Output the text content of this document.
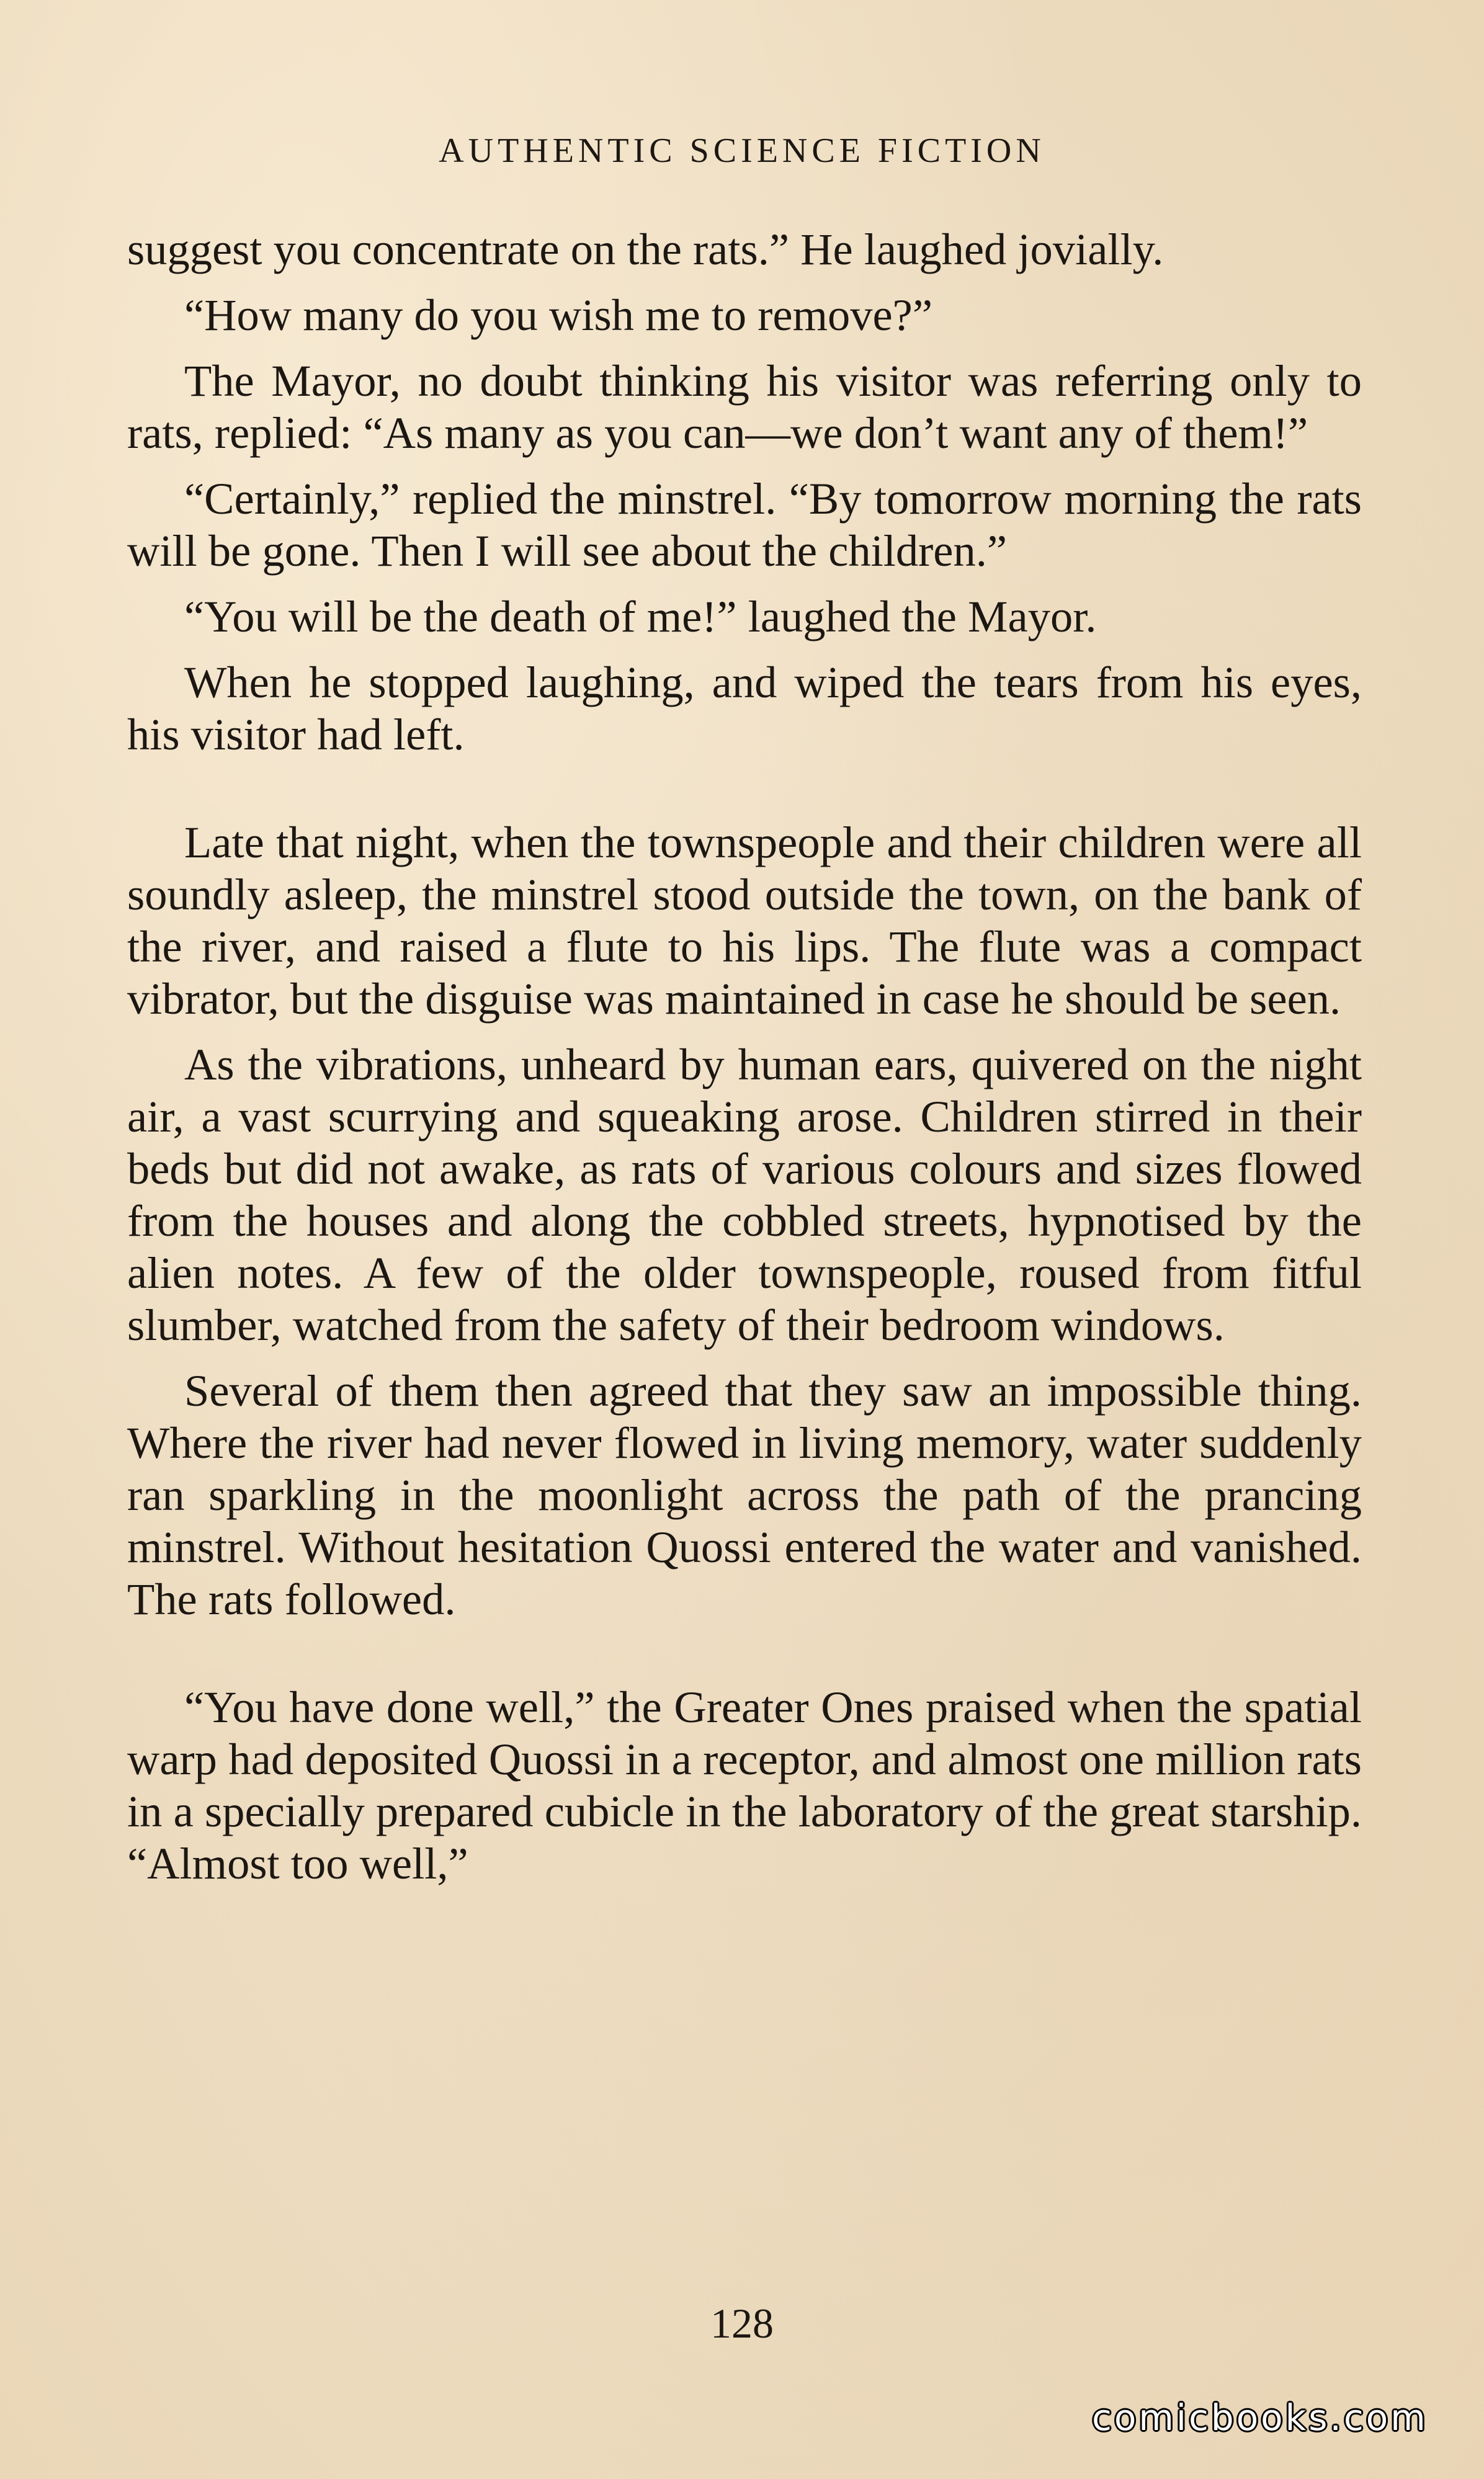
AUTHENTIC SCIENCE FICTION

suggest you concentrate on the rats.” He laughed jovially.

“How many do you wish me to remove?”

The Mayor, no doubt thinking his visitor was referring only to rats, replied: “As many as you can—we don’t want any of them!”

“Certainly,” replied the minstrel. “By tomorrow morning the rats will be gone. Then I will see about the children.”

“You will be the death of me!” laughed the Mayor.

When he stopped laughing, and wiped the tears from his eyes, his visitor had left.

Late that night, when the townspeople and their children were all soundly asleep, the minstrel stood outside the town, on the bank of the river, and raised a flute to his lips. The flute was a compact vibrator, but the disguise was maintained in case he should be seen.

As the vibrations, unheard by human ears, quivered on the night air, a vast scurrying and squeaking arose. Children stirred in their beds but did not awake, as rats of various colours and sizes flowed from the houses and along the cobbled streets, hypnotised by the alien notes. A few of the older townspeople, roused from fitful slumber, watched from the safety of their bedroom windows.

Several of them then agreed that they saw an impossible thing. Where the river had never flowed in living memory, water suddenly ran sparkling in the moonlight across the path of the prancing minstrel. Without hesitation Quossi entered the water and vanished. The rats followed.

“You have done well,” the Greater Ones praised when the spatial warp had deposited Quossi in a receptor, and almost one million rats in a specially prepared cubicle in the laboratory of the great starship. “Almost too well,”

128
comicbooks.com
